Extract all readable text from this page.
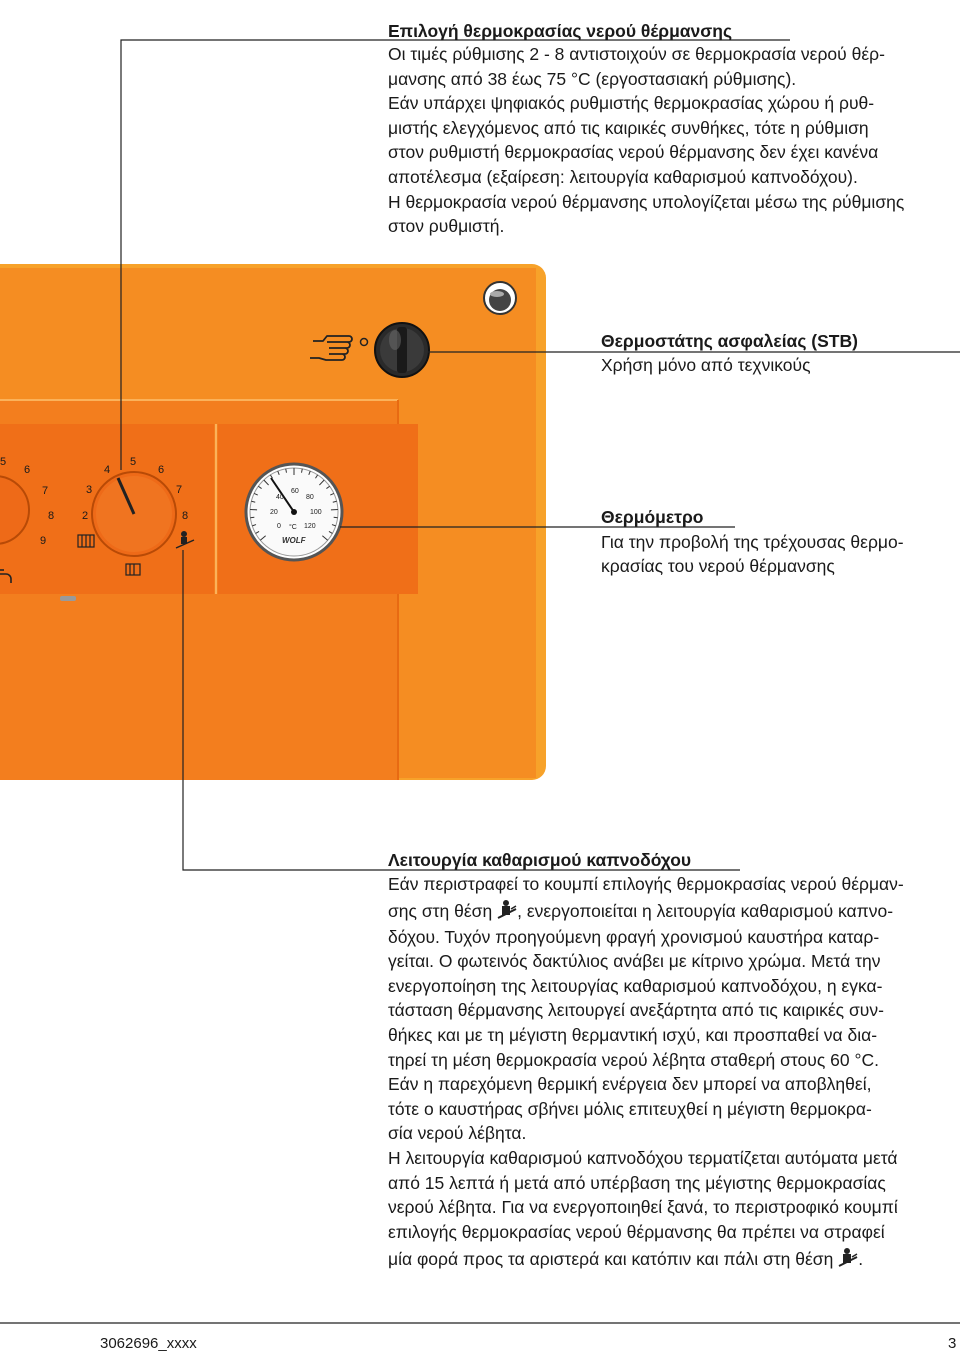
5
6
7
8
9
2
3
4
5
6
7
8
0
20
40
60
80
100
120
°C
WOLF
Επιλογή θερμοκρασίας νερού θέρμανσης
Οι τιμές ρύθμισης 2 - 8 αντιστοιχούν σε θερμοκρασία νερού θέρ-
μανσης από 38 έως 75 °C (εργοστασιακή ρύθμισης).
Εάν υπάρχει ψηφιακός ρυθμιστής θερμοκρασίας χώρου ή ρυθ-
μιστής ελεγχόμενος από τις καιρικές συνθήκες, τότε η ρύθμιση
στον ρυθμιστή θερμοκρασίας νερού θέρμανσης δεν έχει κανένα
αποτέλεσμα (εξαίρεση: λειτουργία καθαρισμού καπνοδόχου).
Η θερμοκρασία νερού θέρμανσης υπολογίζεται μέσω της ρύθμισης
στον ρυθμιστή.
Θερμοστάτης ασφαλείας (STB)
Χρήση μόνο από τεχνικούς
Θερμόμετρο
Για την προβολή της τρέχουσας θερμο-
κρασίας του νερού θέρμανσης
Λειτουργία καθαρισμού καπνοδόχου
Εάν περιστραφεί το κουμπί επιλογής θερμοκρασίας νερού θέρμαν-
σης στη θέση , ενεργοποιείται η λειτουργία καθαρισμού καπνο-
δόχου. Τυχόν προηγούμενη φραγή χρονισμού καυστήρα καταρ-
γείται. Ο φωτεινός δακτύλιος ανάβει με κίτρινο χρώμα. Μετά την
ενεργοποίηση της λειτουργίας καθαρισμού καπνοδόχου, η εγκα-
τάσταση θέρμανσης λειτουργεί ανεξάρτητα από τις καιρικές συν-
θήκες και με τη μέγιστη θερμαντική ισχύ, και προσπαθεί να δια-
τηρεί τη μέση θερμοκρασία νερού λέβητα σταθερή στους 60 °C.
Εάν η παρεχόμενη θερμική ενέργεια δεν μπορεί να αποβληθεί,
τότε ο καυστήρας σβήνει μόλις επιτευχθεί η μέγιστη θερμοκρα-
σία νερού λέβητα.
Η λειτουργία καθαρισμού καπνοδόχου τερματίζεται αυτόματα μετά
από 15 λεπτά ή μετά από υπέρβαση της μέγιστης θερμοκρασίας
νερού λέβητα. Για να ενεργοποιηθεί ξανά, το περιστροφικό κουμπί
επιλογής θερμοκρασίας νερού θέρμανσης θα πρέπει να στραφεί
μία φορά προς τα αριστερά και κατόπιν και πάλι στη θέση .
3062696_xxxx	3
